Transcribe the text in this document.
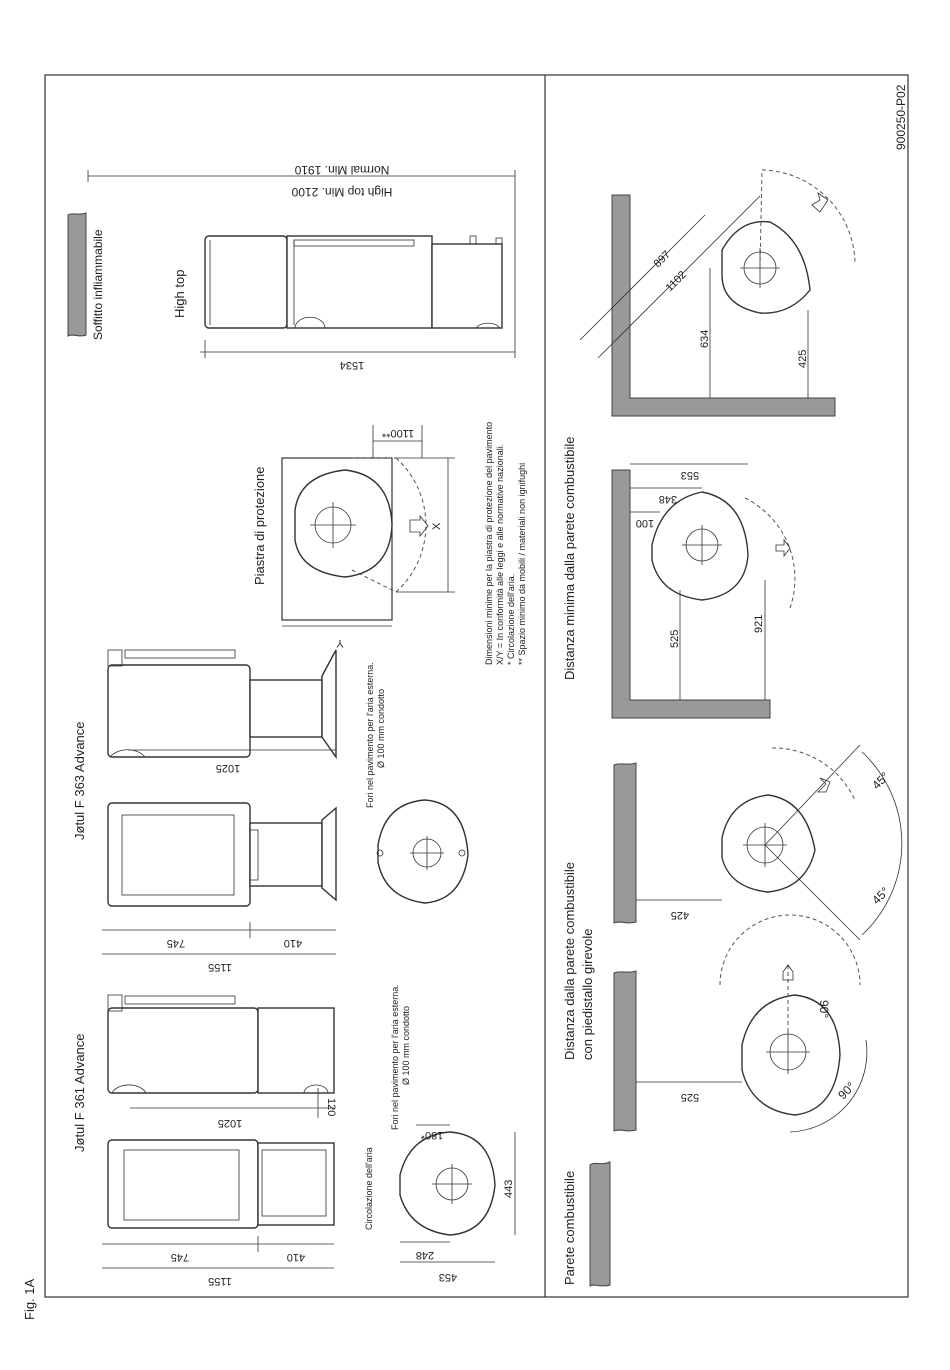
Fig. 1A
900250-P02
Soffitto infliammabile	High top
1534
Normal Min. 1910
High top Min. 2100
Piastra di protezione
1100**
X
Y	Dimensioni minime per la piastra di protezione del pavimento X/Y = In conformità alle leggi e alle normative nazionali. * Circolazione dell'aria. ** Spazio minimo da mobili / materiali non ignifughi
Jøtul F 363 Advance	1025
745	410
1155
Fori nel pavimento per l'aria esterna. Ø 100 mm condotto
Jøtul F 361 Advance	1025
120
745	410
1155
Circolazione dell'aria
Fori nel pavimento per l'aria esterna. Ø 100 mm condotto
180*
443
248
453	Parete combustibile
Distanza dalla parete combustibile con piedistallo girevole
525
90°
90°
425
45°
45°
Distanza minima dalla parete combustibile	525
921
100
348
553
897
1102
634
425
